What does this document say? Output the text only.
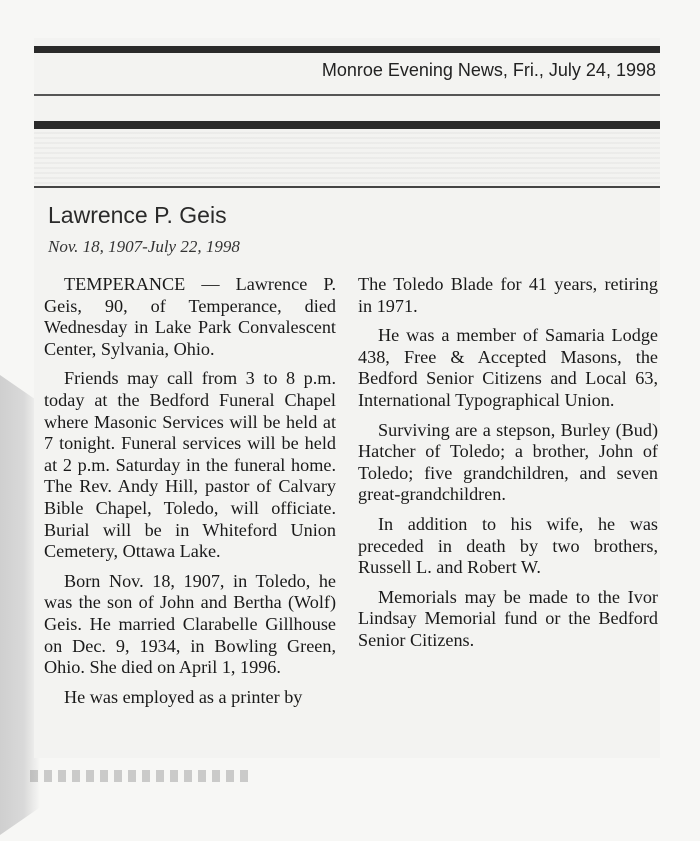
Monroe Evening News, Fri., July 24, 1998
Lawrence P. Geis
Nov. 18, 1907-July 22, 1998

TEMPERANCE — Lawrence P. Geis, 90, of Temperance, died Wednesday in Lake Park Convalescent Center, Sylvania, Ohio.

Friends may call from 3 to 8 p.m. today at the Bedford Funeral Chapel where Masonic Services will be held at 7 tonight. Funeral services will be held at 2 p.m. Saturday in the funeral home. The Rev. Andy Hill, pastor of Calvary Bible Chapel, Toledo, will officiate. Burial will be in Whiteford Union Cemetery, Ottawa Lake.

Born Nov. 18, 1907, in Toledo, he was the son of John and Bertha (Wolf) Geis. He married Clarabelle Gillhouse on Dec. 9, 1934, in Bowling Green, Ohio. She died on April 1, 1996.

He was employed as a printer by

The Toledo Blade for 41 years, retiring in 1971.

He was a member of Samaria Lodge 438, Free & Accepted Masons, the Bedford Senior Citizens and Local 63, International Typographical Union.

Surviving are a stepson, Burley (Bud) Hatcher of Toledo; a brother, John of Toledo; five grandchildren, and seven great-grandchildren.

In addition to his wife, he was preceded in death by two brothers, Russell L. and Robert W.

Memorials may be made to the Ivor Lindsay Memorial fund or the Bedford Senior Citizens.
